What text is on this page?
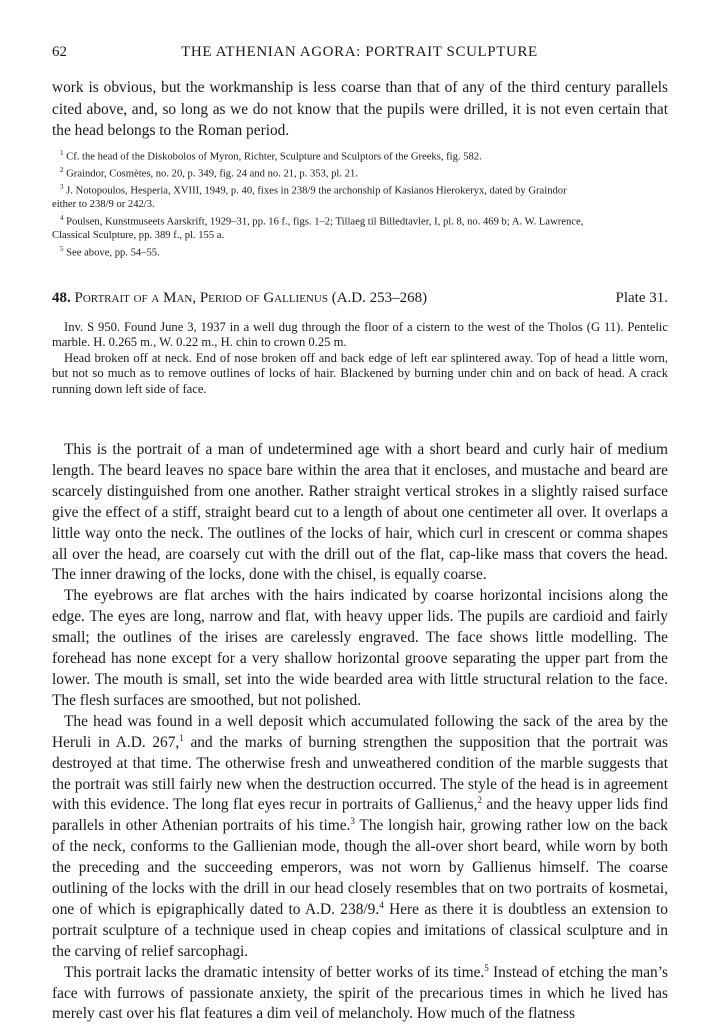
62	THE ATHENIAN AGORA: PORTRAIT SCULPTURE

work is obvious, but the workmanship is less coarse than that of any of the third century parallels cited above, and, so long as we do not know that the pupils were drilled, it is not even certain that the head belongs to the Roman period.

$^1$ Cf. the head of the Diskobolos of Myron, Richter, Sculpture and Sculptors of the Greeks, fig. 582.

$^2$ Graindor, Cosmètes, no. 20, p. 349, fig. 24 and no. 21, p. 353, pl. 21.

$^3$ J. Notopoulos, Hesperia, XVIII, 1949, p. 40, fixes in 238/9 the archonship of Kasianos Hierokeryx, dated by Graindor

either to 238/9 or 242/3.

$^4$ Poulsen, Kunstmuseets Aarskrift, 1929–31, pp. 16 f., figs. 1–2; Tillaeg til Billedtavler, I, pl. 8, no. 469 b; A. W. Lawrence,

Classical Sculpture, pp. 389 f., pl. 155 a.

$^5$ See above, pp. 54–55.

48. Portrait of a Man, Period of Gallienus (A.D. 253–268)	Plate 31.

Inv. S 950. Found June 3, 1937 in a well dug through the floor of a cistern to the west of the Tholos (G 11). Pentelic marble. H. 0.265 m., W. 0.22 m., H. chin to crown 0.25 m.

Head broken off at neck. End of nose broken off and back edge of left ear splintered away. Top of head a little worn, but not so much as to remove outlines of locks of hair. Blackened by burning under chin and on back of head. A crack running down left side of face.

This is the portrait of a man of undetermined age with a short beard and curly hair of medium length. The beard leaves no space bare within the area that it encloses, and mustache and beard are scarcely distinguished from one another. Rather straight vertical strokes in a slightly raised surface give the effect of a stiff, straight beard cut to a length of about one centimeter all over. It overlaps a little way onto the neck. The outlines of the locks of hair, which curl in crescent or comma shapes all over the head, are coarsely cut with the drill out of the flat, cap-like mass that covers the head. The inner drawing of the locks, done with the chisel, is equally coarse.

The eyebrows are flat arches with the hairs indicated by coarse horizontal incisions along the edge. The eyes are long, narrow and flat, with heavy upper lids. The pupils are cardioid and fairly small; the outlines of the irises are carelessly engraved. The face shows little modelling. The forehead has none except for a very shallow horizontal groove separating the upper part from the lower. The mouth is small, set into the wide bearded area with little structural relation to the face. The flesh surfaces are smoothed, but not polished.

The head was found in a well deposit which accumulated following the sack of the area by the Heruli in A.D. 267,$^1$ and the marks of burning strengthen the supposition that the portrait was destroyed at that time. The otherwise fresh and unweathered condition of the marble suggests that the portrait was still fairly new when the destruction occurred. The style of the head is in agreement with this evidence. The long flat eyes recur in portraits of Gallienus,$^2$ and the heavy upper lids find parallels in other Athenian portraits of his time.$^3$ The longish hair, growing rather low on the back of the neck, conforms to the Gallienian mode, though the all-over short beard, while worn by both the preceding and the succeeding emperors, was not worn by Gallienus himself. The coarse outlining of the locks with the drill in our head closely resembles that on two portraits of kosmetai, one of which is epigraphically dated to A.D. 238/9.$^4$ Here as there it is doubtless an extension to portrait sculpture of a technique used in cheap copies and imitations of classical sculpture and in the carving of relief sarcophagi.

This portrait lacks the dramatic intensity of better works of its time.$^5$ Instead of etching the man’s face with furrows of passionate anxiety, the spirit of the precarious times in which he lived has merely cast over his flat features a dim veil of melancholy. How much of the flatness
